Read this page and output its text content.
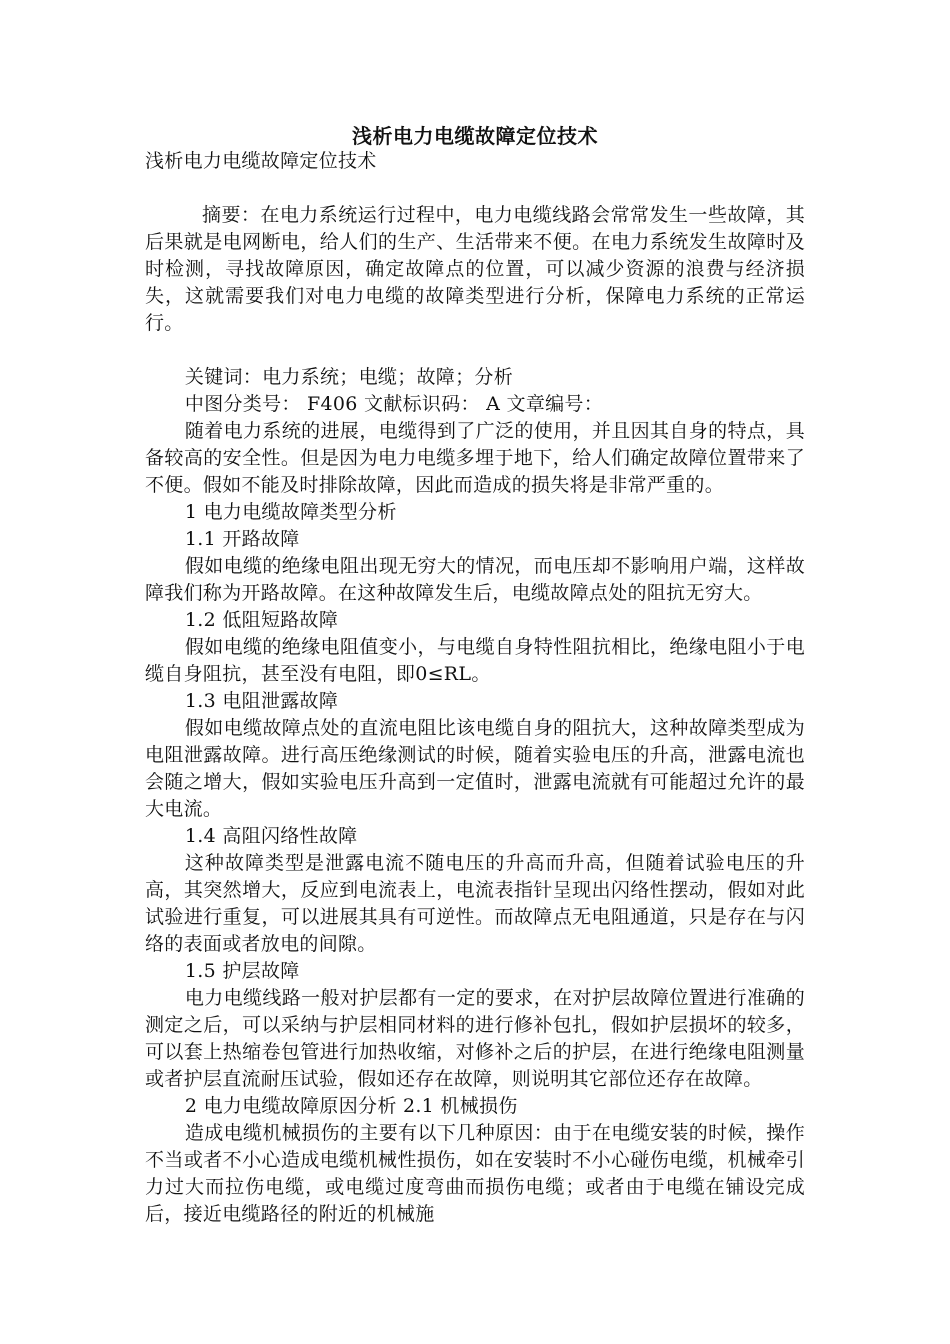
浅析电力电缆故障定位技术

浅析电力电缆故障定位技术

摘要：在电力系统运行过程中，电力电缆线路会常常发生一些故障，其后果就是电网断电，给人们的生产、生活带来不便。在电力系统发生故障时及时检测，寻找故障原因，确定故障点的位置，可以减少资源的浪费与经济损失，这就需要我们对电力电缆的故障类型进行分析，保障电力系统的正常运行。

关键词：电力系统；电缆；故障；分析

中图分类号： F406 文献标识码： A 文章编号：

随着电力系统的进展，电缆得到了广泛的使用，并且因其自身的特点，具备较高的安全性。但是因为电力电缆多埋于地下，给人们确定故障位置带来了不便。假如不能及时排除故障，因此而造成的损失将是非常严重的。

1 电力电缆故障类型分析

1.1 开路故障

假如电缆的绝缘电阻出现无穷大的情况，而电压却不影响用户端，这样故障我们称为开路故障。在这种故障发生后，电缆故障点处的阻抗无穷大。

1.2 低阻短路故障

假如电缆的绝缘电阻值变小，与电缆自身特性阻抗相比，绝缘电阻小于电缆自身阻抗，甚至没有电阻，即0≤RL。

1.3 电阻泄露故障

假如电缆故障点处的直流电阻比该电缆自身的阻抗大，这种故障类型成为电阻泄露故障。进行高压绝缘测试的时候，随着实验电压的升高，泄露电流也会随之增大，假如实验电压升高到一定值时，泄露电流就有可能超过允许的最大电流。

1.4 高阻闪络性故障

这种故障类型是泄露电流不随电压的升高而升高，但随着试验电压的升高，其突然增大，反应到电流表上，电流表指针呈现出闪络性摆动，假如对此试验进行重复，可以进展其具有可逆性。而故障点无电阻通道，只是存在与闪络的表面或者放电的间隙。

1.5 护层故障

电力电缆线路一般对护层都有一定的要求，在对护层故障位置进行准确的测定之后，可以采纳与护层相同材料的进行修补包扎，假如护层损坏的较多，可以套上热缩卷包管进行加热收缩，对修补之后的护层，在进行绝缘电阻测量或者护层直流耐压试验，假如还存在故障，则说明其它部位还存在故障。

2 电力电缆故障原因分析 2.1 机械损伤

造成电缆机械损伤的主要有以下几种原因：由于在电缆安装的时候，操作不当或者不小心造成电缆机械性损伤，如在安装时不小心碰伤电缆，机械牵引力过大而拉伤电缆，或电缆过度弯曲而损伤电缆；或者由于电缆在铺设完成后，接近电缆路径的附近的机械施
